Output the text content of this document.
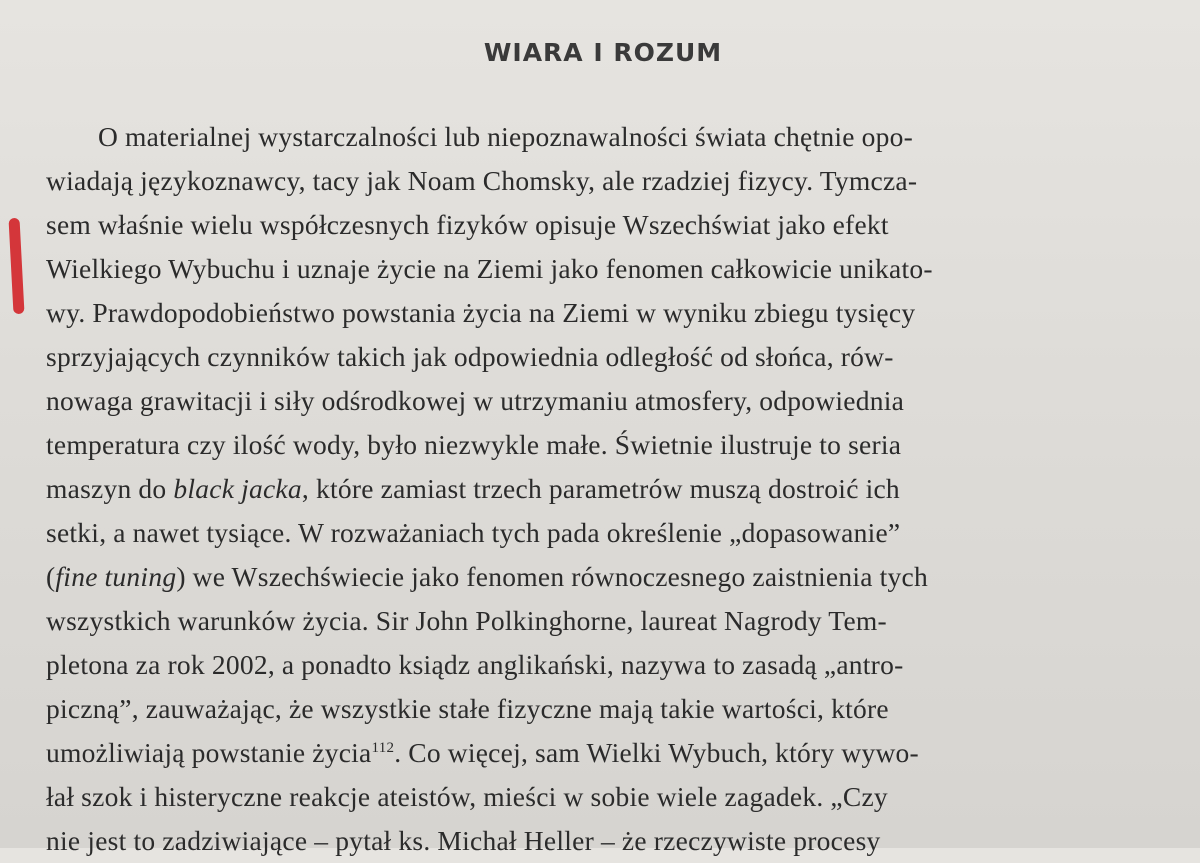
WIARA I ROZUM
O materialnej wystarczalności lub niepoznawalności świata chętnie opo-
wiadają językoznawcy, tacy jak Noam Chomsky, ale rzadziej fizycy. Tymcza-
sem właśnie wielu współczesnych fizyków opisuje Wszechświat jako efekt
Wielkiego Wybuchu i uznaje życie na Ziemi jako fenomen całkowicie unikato-
wy. Prawdopodobieństwo powstania życia na Ziemi w wyniku zbiegu tysięcy
sprzyjających czynników takich jak odpowiednia odległość od słońca, rów-
nowaga grawitacji i siły odśrodkowej w utrzymaniu atmosfery, odpowiednia
temperatura czy ilość wody, było niezwykle małe. Świetnie ilustruje to seria
maszyn do black jacka, które zamiast trzech parametrów muszą dostroić ich
setki, a nawet tysiące. W rozważaniach tych pada określenie „dopasowanie”
(fine tuning) we Wszechświecie jako fenomen równoczesnego zaistnienia tych
wszystkich warunków życia. Sir John Polkinghorne, laureat Nagrody Tem-
pletona za rok 2002, a ponadto ksiądz anglikański, nazywa to zasadą „antro-
piczną”, zauważając, że wszystkie stałe fizyczne mają takie wartości, które
umożliwiają powstanie życia$^{112}$. Co więcej, sam Wielki Wybuch, który wywo-
łał szok i histeryczne reakcje ateistów, mieści w sobie wiele zagadek. „Czy
nie jest to zadziwiające – pytał ks. Michał Heller – że rzeczywiste procesy
